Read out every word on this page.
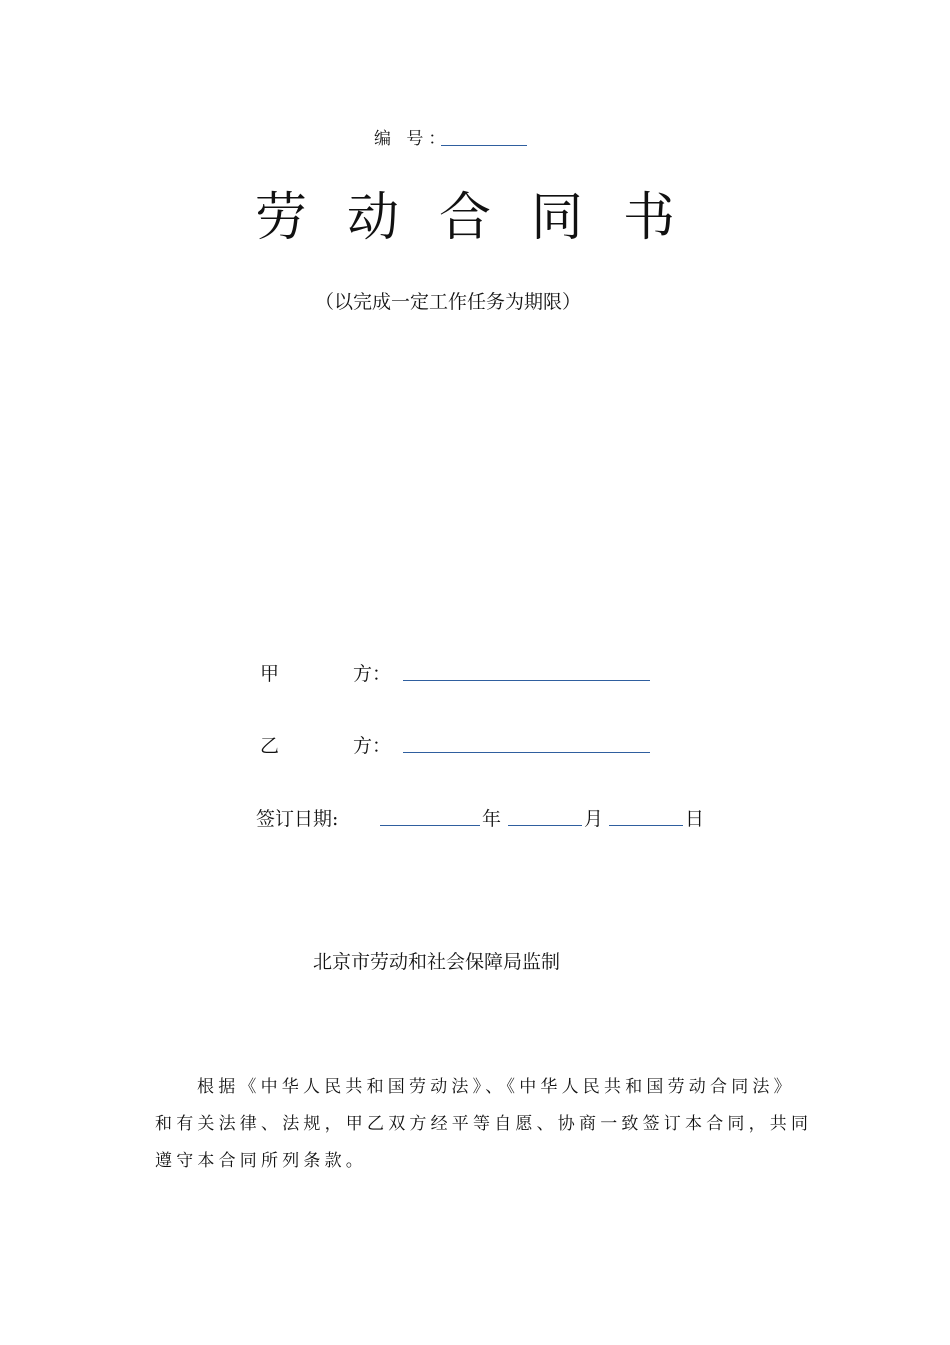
编 号：
劳动合同书
（以完成一定工作任务为期限）
甲	方：
乙	方：
签订日期:	年	月	日
北京市劳动和社会保障局监制
根据《中华人民共和国劳动法》、《中华人民共和国劳动合同法》和有关法律、法规，甲乙双方经平等自愿、协商一致签订本合同，共同遵守本合同所列条款。
